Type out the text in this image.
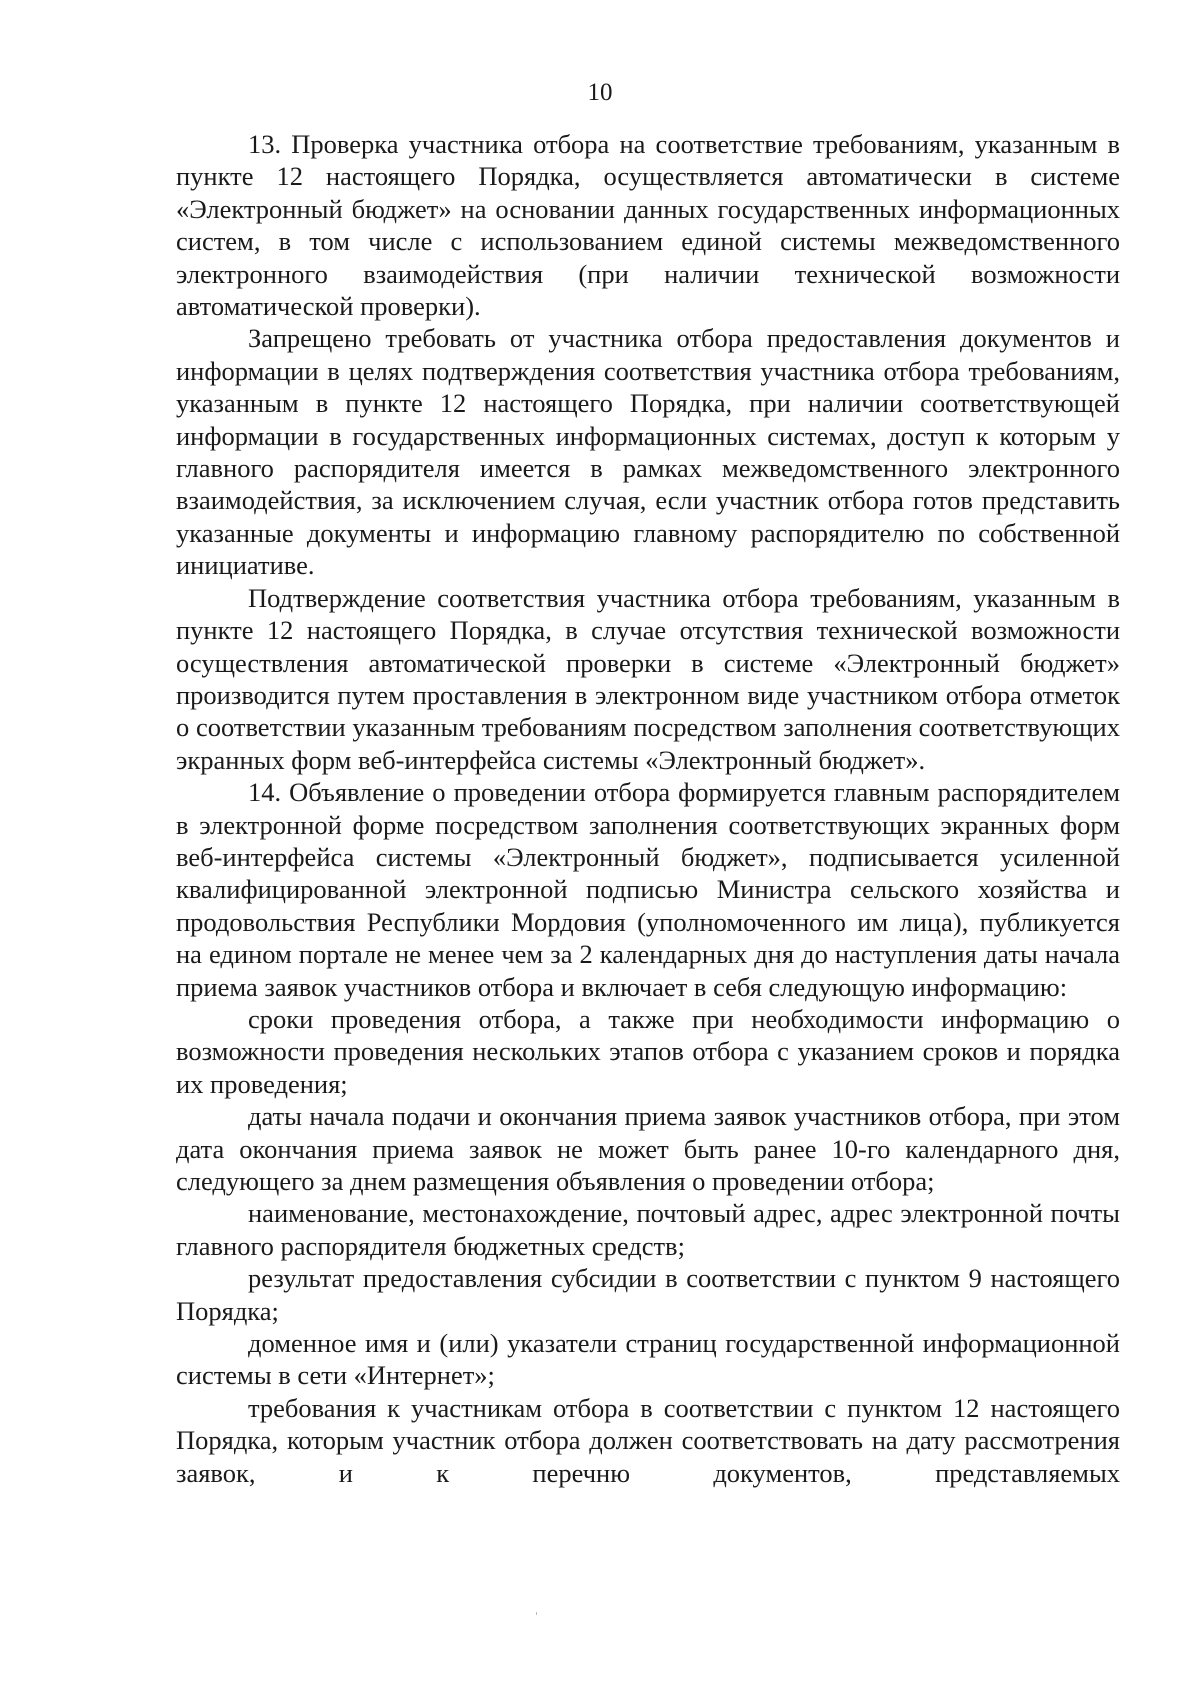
10

13. Проверка участника отбора на соответствие требованиям, указанным в пункте 12 настоящего Порядка, осуществляется автоматически в системе «Электронный бюджет» на основании данных государственных информационных систем, в том числе с использованием единой системы межведомственного электронного взаимодействия (при наличии технической возможности автоматической проверки).

Запрещено требовать от участника отбора предоставления документов и информации в целях подтверждения соответствия участника отбора требованиям, указанным в пункте 12 настоящего Порядка, при наличии соответствующей информации в государственных информационных системах, доступ к которым у главного распорядителя имеется в рамках межведомственного электронного взаимодействия, за исключением случая, если участник отбора готов представить указанные документы и информацию главному распорядителю по собственной инициативе.

Подтверждение соответствия участника отбора требованиям, указанным в пункте 12 настоящего Порядка, в случае отсутствия технической возможности осуществления автоматической проверки в системе «Электронный бюджет» производится путем проставления в электронном виде участником отбора отметок о соответствии указанным требованиям посредством заполнения соответствующих экранных форм веб-интерфейса системы «Электронный бюджет».

14. Объявление о проведении отбора формируется главным распорядителем в электронной форме посредством заполнения соответствующих экранных форм веб-интерфейса системы «Электронный бюджет», подписывается усиленной квалифицированной электронной подписью Министра сельского хозяйства и продовольствия Республики Мордовия (уполномоченного им лица), публикуется на едином портале не менее чем за 2 календарных дня до наступления даты начала приема заявок участников отбора и включает в себя следующую информацию:

сроки проведения отбора, а также при необходимости информацию о возможности проведения нескольких этапов отбора с указанием сроков и порядка их проведения;

даты начала подачи и окончания приема заявок участников отбора, при этом дата окончания приема заявок не может быть ранее 10-го календарного дня, следующего за днем размещения объявления о проведении отбора;

наименование, местонахождение, почтовый адрес, адрес электронной почты главного распорядителя бюджетных средств;

результат предоставления субсидии в соответствии с пунктом 9 настоящего Порядка;

доменное имя и (или) указатели страниц государственной информационной системы в сети «Интернет»;

требования к участникам отбора в соответствии с пунктом 12 настоящего Порядка, которым участник отбора должен соответствовать на дату рассмотрения заявок, и к перечню документов, представляемых
